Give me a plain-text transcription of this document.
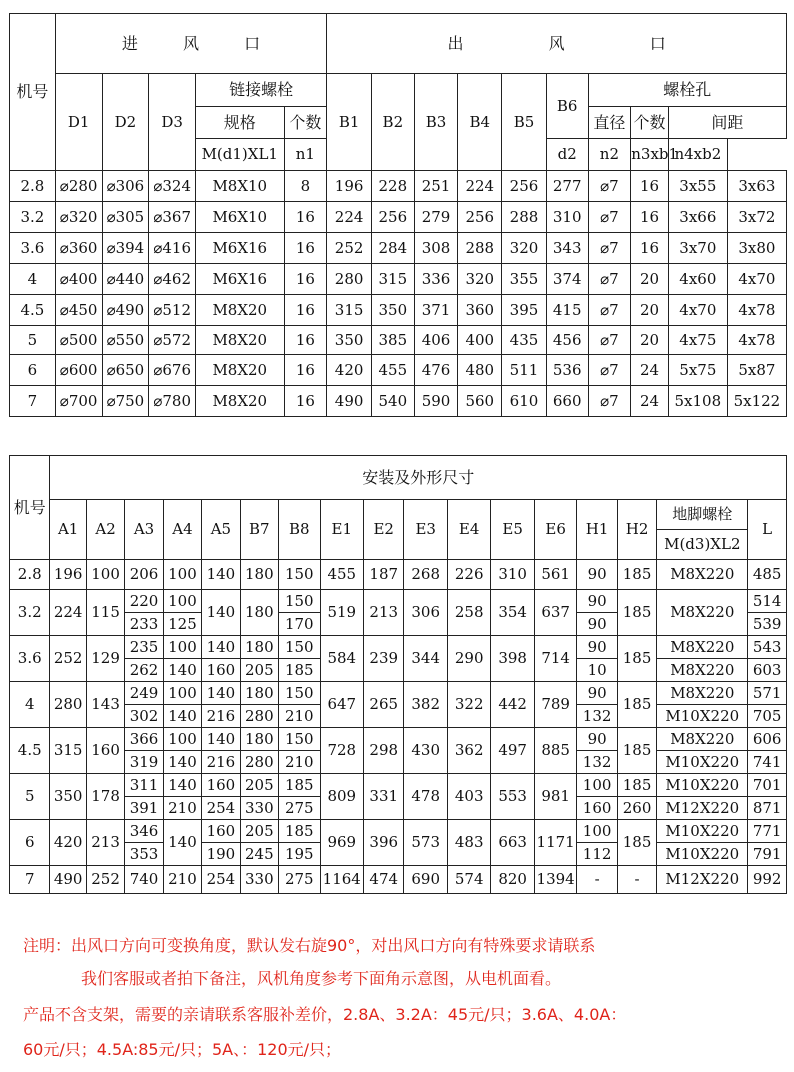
机号	进 风 口					出 风 口									
	D1	D2	D3	链接螺栓		B1	B2	B3	B4	B5	B6	螺栓孔			
				规格	个数							直径	个数	间距	
				M(d1)XL1	n1						d2	n2	n3xb1	n4xb2	
2.8	⌀280	⌀306	⌀324	M8X10	8	196	228	251	224	256	277	⌀7	16	3x55	3x63
3.2	⌀320	⌀305	⌀367	M6X10	16	224	256	279	256	288	310	⌀7	16	3x66	3x72
3.6	⌀360	⌀394	⌀416	M6X16	16	252	284	308	288	320	343	⌀7	16	3x70	3x80
4	⌀400	⌀440	⌀462	M6X16	16	280	315	336	320	355	374	⌀7	20	4x60	4x70
4.5	⌀450	⌀490	⌀512	M8X20	16	315	350	371	360	395	415	⌀7	20	4x70	4x78
5	⌀500	⌀550	⌀572	M8X20	16	350	385	406	400	435	456	⌀7	20	4x75	4x78
6	⌀600	⌀650	⌀676	M8X20	16	420	455	476	480	511	536	⌀7	24	5x75	5x87
7	⌀700	⌀750	⌀780	M8X20	16	490	540	590	560	610	660	⌀7	24	5x108	5x122
机号	安装及外形尺寸																
	A1	A2	A3	A4	A5	B7	B8	E1	E2	E3	E4	E5	E6	H1	H2	地脚螺栓	L
																M(d3)XL2	
2.8	196	100	206	100	140	180	150	455	187	268	226	310	561	90	185	M8X220	485
3.2	224	115	220	100	140	180	150	519	213	306	258	354	637	90	185	M8X220	514
			233	125			170							90			539
3.6	252	129	235	100	140	180	150	584	239	344	290	398	714	90	185	M8X220	543
			262	140	160	205	185							10		M8X220	603
4	280	143	249	100	140	180	150	647	265	382	322	442	789	90	185	M8X220	571
			302	140	216	280	210							132		M10X220	705
4.5	315	160	366	100	140	180	150	728	298	430	362	497	885	90	185	M8X220	606
			319	140	216	280	210							132		M10X220	741
5	350	178	311	140	160	205	185	809	331	478	403	553	981	100	185	M10X220	701
			391	210	254	330	275							160	260	M12X220	871
6	420	213	346	140	160	205	185	969	396	573	483	663	1171	100	185	M10X220	771
			353		190	245	195							112		M10X220	791
7	490	252	740	210	254	330	275	1164	474	690	574	820	1394	-	-	M12X220	992
注明：出风口方向可变换角度，默认发右旋90°，对出风口方向有特殊要求请联系
我们客服或者拍下备注，风机角度参考下面角示意图，从电机面看。
产品不含支架，需要的亲请联系客服补差价，2.8A、3.2A：45元/只；3.6A、4.0A：
60元/只；4.5A:85元/只；5A、：120元/只；
